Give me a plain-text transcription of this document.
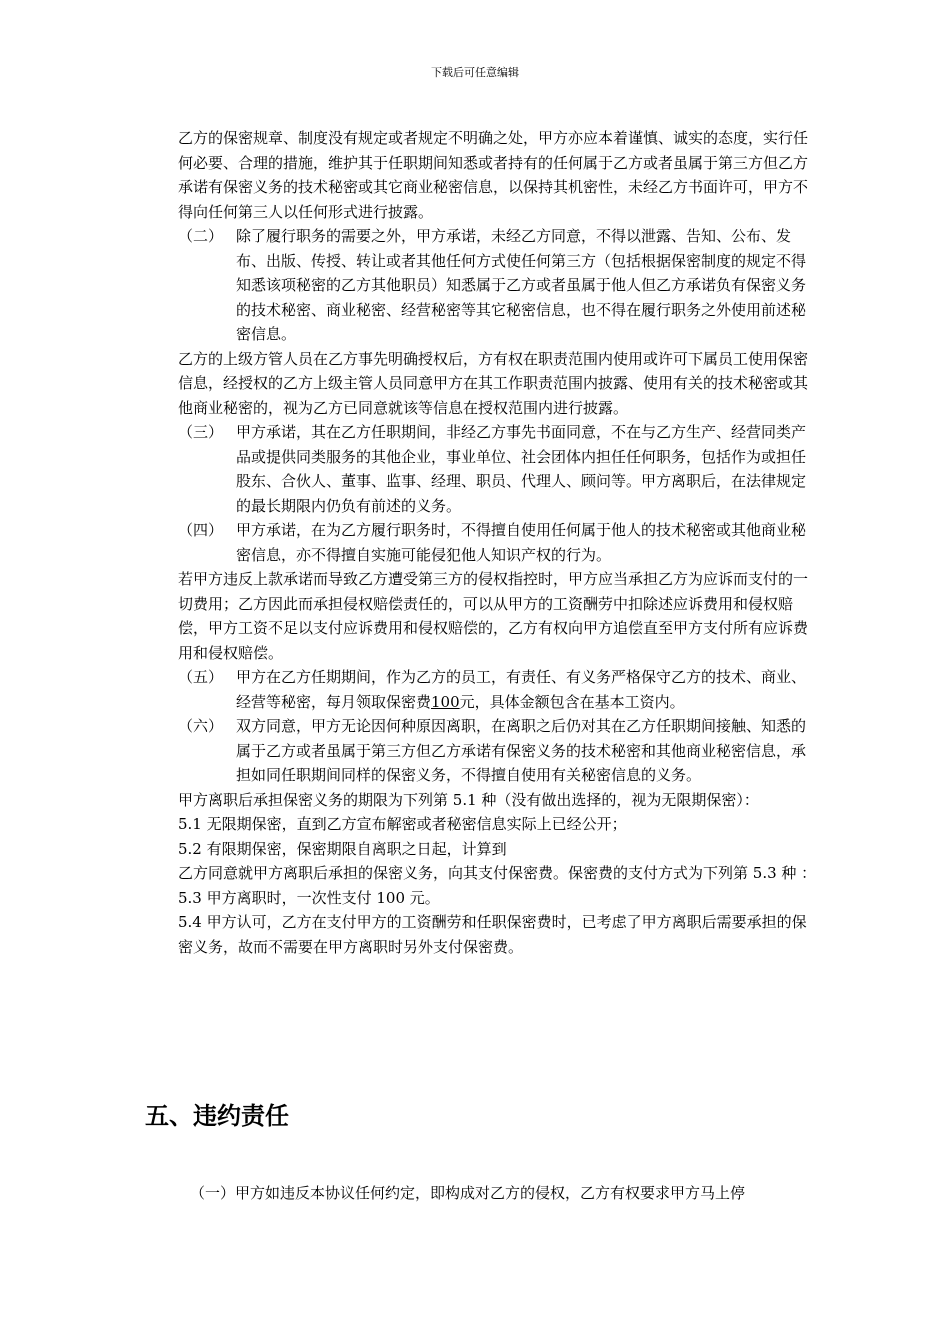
下载后可任意编辑

乙方的保密规章、制度没有规定或者规定不明确之处，甲方亦应本着谨慎、诚实的态度，实行任何必要、合理的措施，维护其于任职期间知悉或者持有的任何属于乙方或者虽属于第三方但乙方承诺有保密义务的技术秘密或其它商业秘密信息，以保持其机密性，未经乙方书面许可，甲方不得向任何第三人以任何形式进行披露。

（二） 除了履行职务的需要之外，甲方承诺，未经乙方同意，不得以泄露、告知、公布、发布、出版、传授、转让或者其他任何方式使任何第三方（包括根据保密制度的规定不得知悉该项秘密的乙方其他职员）知悉属于乙方或者虽属于他人但乙方承诺负有保密义务的技术秘密、商业秘密、经营秘密等其它秘密信息，也不得在履行职务之外使用前述秘密信息。

乙方的上级方管人员在乙方事先明确授权后，方有权在职责范围内使用或许可下属员工使用保密信息，经授权的乙方上级主管人员同意甲方在其工作职责范围内披露、使用有关的技术秘密或其他商业秘密的，视为乙方已同意就该等信息在授权范围内进行披露。

（三） 甲方承诺，其在乙方任职期间，非经乙方事先书面同意，不在与乙方生产、经营同类产品或提供同类服务的其他企业，事业单位、社会团体内担任任何职务，包括作为或担任股东、合伙人、董事、监事、经理、职员、代理人、顾问等。甲方离职后，在法律规定的最长期限内仍负有前述的义务。

（四） 甲方承诺，在为乙方履行职务时，不得擅自使用任何属于他人的技术秘密或其他商业秘密信息，亦不得擅自实施可能侵犯他人知识产权的行为。

若甲方违反上款承诺而导致乙方遭受第三方的侵权指控时，甲方应当承担乙方为应诉而支付的一切费用；乙方因此而承担侵权赔偿责任的，可以从甲方的工资酬劳中扣除述应诉费用和侵权赔偿，甲方工资不足以支付应诉费用和侵权赔偿的，乙方有权向甲方追偿直至甲方支付所有应诉费用和侵权赔偿。

（五） 甲方在乙方任期期间，作为乙方的员工，有责任、有义务严格保守乙方的技术、商业、经营等秘密，每月领取保密费100元，具体金额包含在基本工资内。

（六） 双方同意，甲方无论因何种原因离职，在离职之后仍对其在乙方任职期间接触、知悉的属于乙方或者虽属于第三方但乙方承诺有保密义务的技术秘密和其他商业秘密信息，承担如同任职期间同样的保密义务，不得擅自使用有关秘密信息的义务。

甲方离职后承担保密义务的期限为下列第 5.1 种（没有做出选择的，视为无限期保密）：

5.1 无限期保密，直到乙方宣布解密或者秘密信息实际上已经公开；

5.2 有限期保密，保密期限自离职之日起，计算到

乙方同意就甲方离职后承担的保密义务，向其支付保密费。保密费的支付方式为下列第 5.3 种 ：

5.3 甲方离职时，一次性支付 100 元。

5.4 甲方认可，乙方在支付甲方的工资酬劳和任职保密费时，已考虑了甲方离职后需要承担的保密义务，故而不需要在甲方离职时另外支付保密费。

五、违约责任
（一）甲方如违反本协议任何约定，即构成对乙方的侵权，乙方有权要求甲方马上停
